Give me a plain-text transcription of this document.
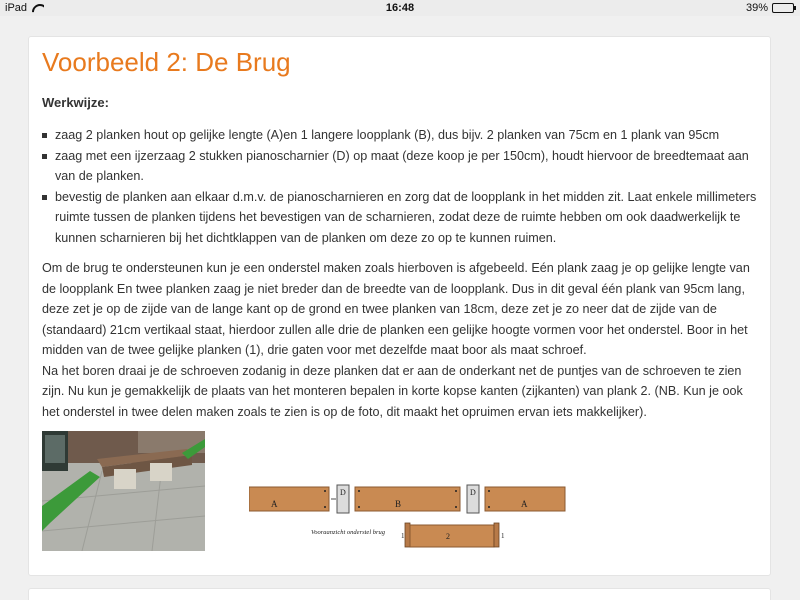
iPad	16:48	39%
Voorbeeld 2: De Brug
Werkwijze:
zaag 2 planken hout op gelijke lengte (A)en 1 langere loopplank (B), dus bijv. 2 planken van 75cm en 1 plank van 95cm
zaag met een ijzerzaag 2 stukken pianoscharnier (D) op maat (deze koop je per 150cm), houdt hiervoor de breedtemaat aan van de planken.
bevestig de planken aan elkaar d.m.v. de pianoscharnieren en zorg dat de loopplank in het midden zit. Laat enkele millimeters ruimte tussen de planken tijdens het bevestigen van de scharnieren, zodat deze de ruimte hebben om ook daadwerkelijk te kunnen scharnieren bij het dichtklappen van de planken om deze zo op te kunnen ruimen.
Om de brug te ondersteunen kun je een onderstel maken zoals hierboven is afgebeeld. Eén plank zaag je op gelijke lengte van de loopplank En twee planken zaag je niet breder dan de breedte van de loopplank. Dus in dit geval één plank van 95cm lang, deze zet je op de zijde van de lange kant op de grond en twee planken van 18cm, deze zet je zo neer dat de zijde van de (standaard) 21cm vertikaal staat, hierdoor zullen alle drie de planken een gelijke hoogte vormen voor het onderstel. Boor in het midden van de twee gelijke planken (1), drie gaten voor met dezelfde maat boor als maat schroef.
Na het boren draai je de schroeven zodanig in deze planken dat er aan de onderkant net de puntjes van de schroeven te zien zijn. Nu kun je gemakkelijk de plaats van het monteren bepalen in korte kopse kanten (zijkanten) van plank 2. (NB. Kun je ook het onderstel in twee delen maken zoals te zien is op de foto, dit maakt het opruimen ervan iets makkelijker).
A
D
B
D
A
Vooraanzicht onderstel brug 1	2	1
